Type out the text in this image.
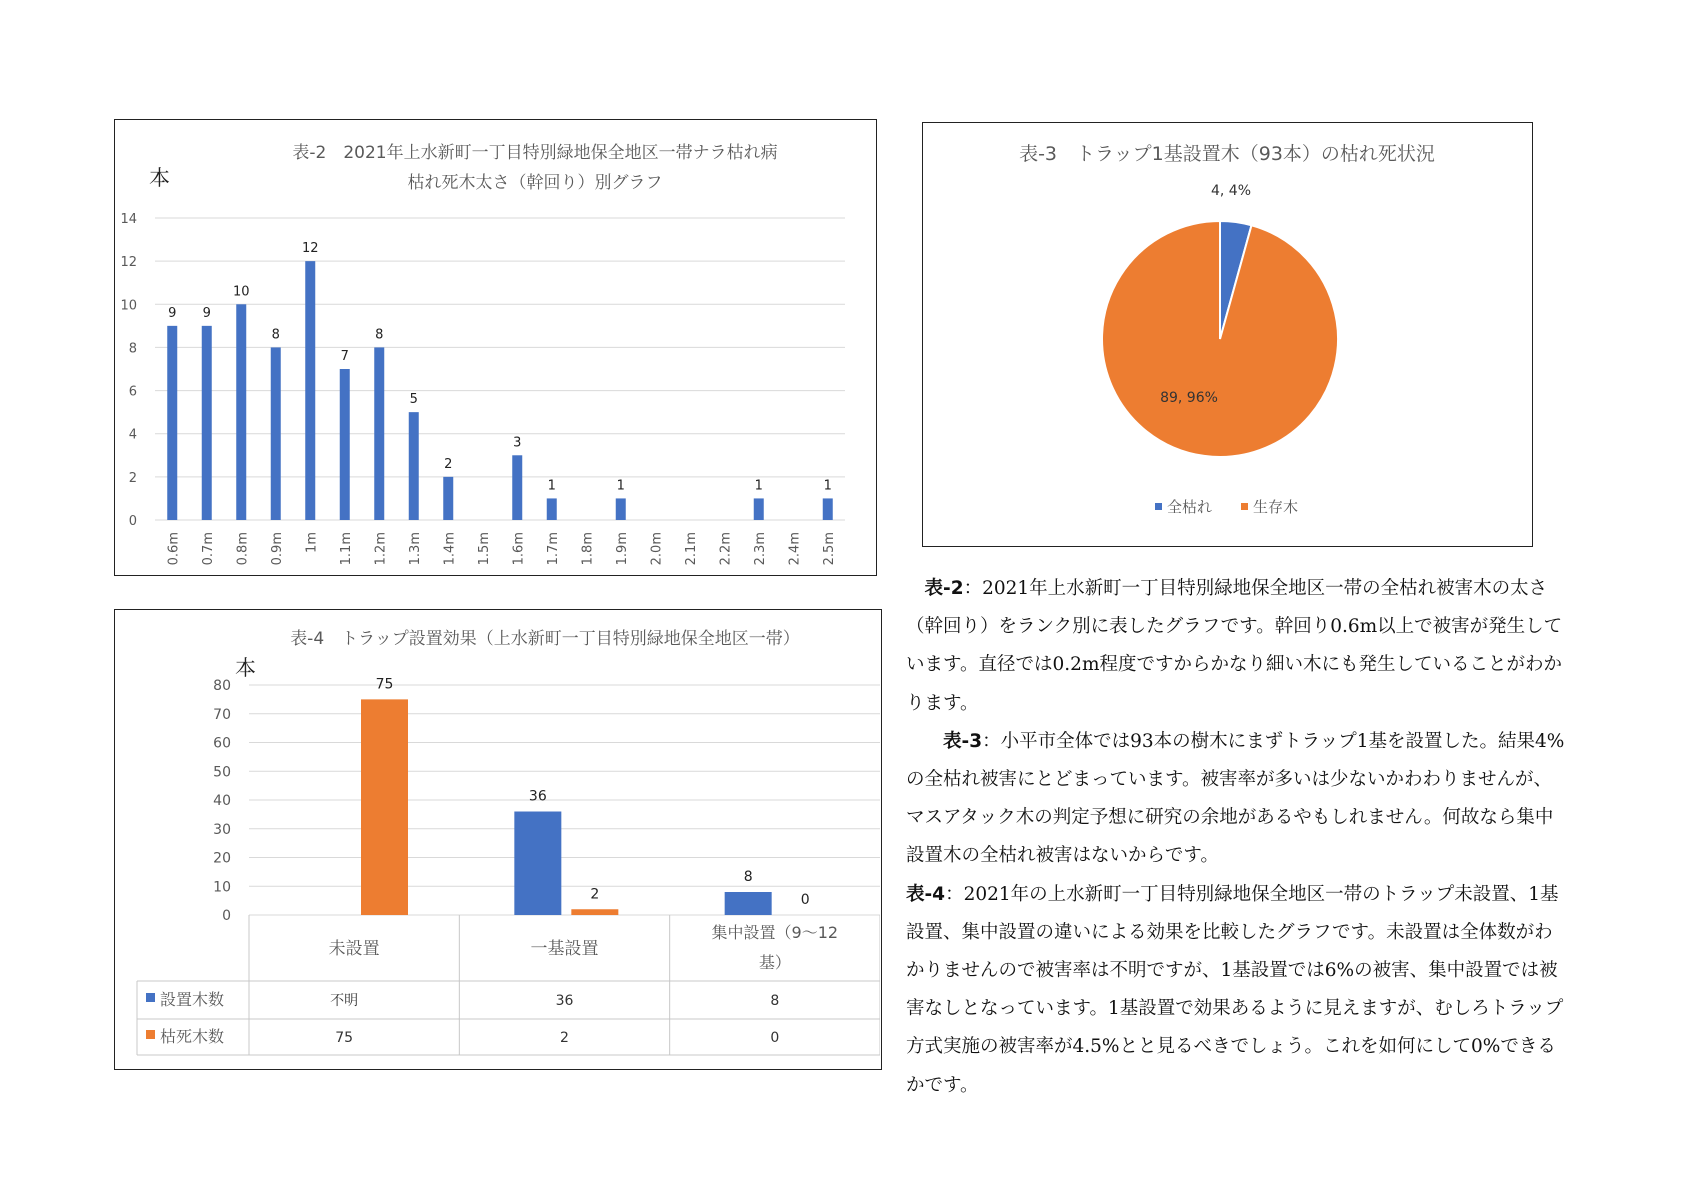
表-2　2021年上水新町一丁目特別緑地保全地区一帯ナラ枯れ病
枯れ死木太さ（幹回り）別グラフ
本
0
2
4
6
8
10
12
14
0.6m
9
0.7m
9
0.8m
10
0.9m
8
1m
12
1.1m
7
1.2m
8
1.3m
5
1.4m
2
1.5m 1.6m
3
1.7m
1
1.8m 1.9m
1
2.0m 2.1m 2.2m 2.3m
1
2.4m 2.5m
1
表-3　トラップ1基設置木（93本）の枯れ死状況
4, 4%
89, 96%
全枯れ	生存木
表-4　トラップ設置効果（上水新町一丁目特別緑地保全地区一帯）
本
0
10
20
30
40
50
60
70
80	75
36
2
8
0
未設置	一基設置
集中設置（9〜12
基）
設置木数	不明	36	8
枯死木数	75	2	0

　表-2：2021年上水新町一丁目特別緑地保全地区一帯の全枯れ被害木の太さ（幹回り）をランク別に表したグラフです。幹回り0.6m以上で被害が発生しています。直径では0.2m程度ですからかなり細い木にも発生していることがわかります。

　　表-3：小平市全体では93本の樹木にまずトラップ1基を設置した。結果4%の全枯れ被害にとどまっています。被害率が多いは少ないかわわりませんが、マスアタック木の判定予想に研究の余地があるやもしれません。何故なら集中設置木の全枯れ被害はないからです。

表-4：2021年の上水新町一丁目特別緑地保全地区一帯のトラップ未設置、1基設置、集中設置の違いによる効果を比較したグラフです。未設置は全体数がわかりませんので被害率は不明ですが、1基設置では6%の被害、集中設置では被害なしとなっています。1基設置で効果あるように見えますが、むしろトラップ方式実施の被害率が4.5%とと見るべきでしょう。これを如何にして0%できるかです。
